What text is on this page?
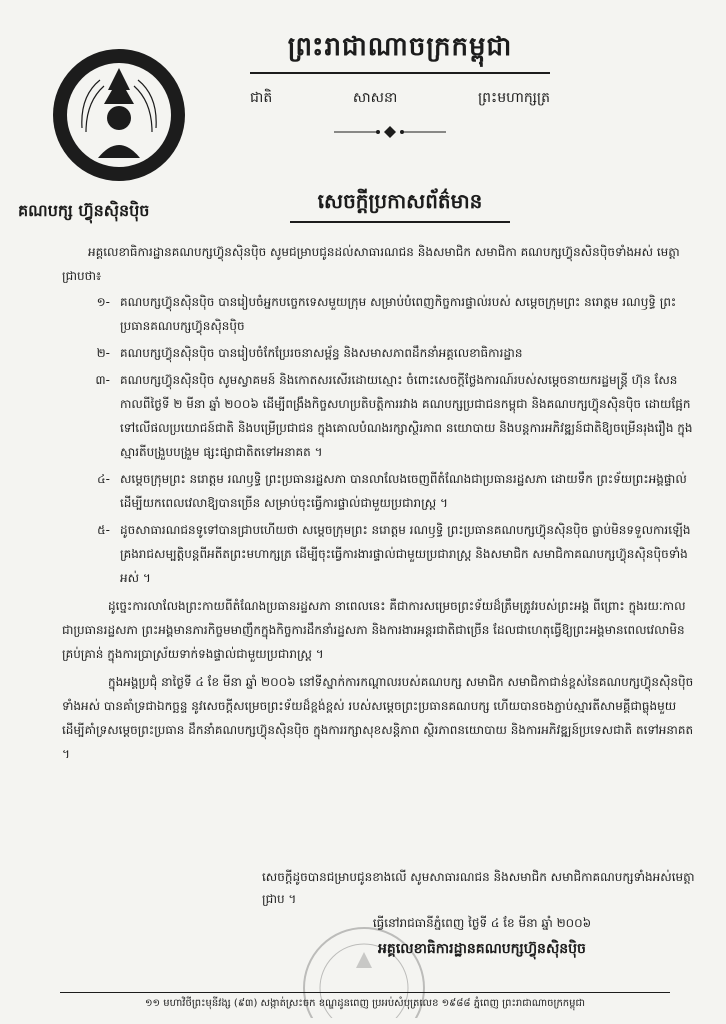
ព្រះរាជាណាចក្រកម្ពុជា
ជាតិ	សាសនា	ព្រះមហាក្សត្រ
គណបក្ស ហ៊្វុនស៊ិនប៉ិច	សេចក្តីប្រកាសព័ត៌មាន

អគ្គលេខាធិការដ្ឋានគណបក្សហ៊្វុនស៊ិនប៉ិច សូមជម្រាបជូនដល់សាធារណជន និងសមាជិក សមាជិកា គណបក្សហ៊្វុនសិនប៉ិចទាំងអស់ មេត្តាជ្រាបថា៖

១- គណបក្សហ៊្វុនស៊ិនប៉ិច បានរៀបចំអ្នកបច្ចេកទេសមួយក្រុម សម្រាប់បំពេញកិច្ចការផ្ទាល់របស់ សម្តេចក្រុមព្រះ នរោត្តម រណឫទ្ធិ ព្រះប្រធានគណបក្សហ៊្វុនស៊ិនប៉ិច
២- គណបក្សហ៊្វុនស៊ិនប៉ិច បានរៀបចំកែប្រែរចនាសម្ព័ន្ធ និងសមាសភាពដឹកនាំអគ្គលេខាធិការដ្ឋាន
៣- គណបក្សហ៊្វុនស៊ិនប៉ិច សូមស្វាគមន៍ និងកោតសរសើរដោយស្មោះ ចំពោះសេចក្តីថ្លែងការណ៍របស់សម្តេចនាយករដ្ឋមន្ត្រី ហ៊ុន សែន កាលពីថ្ងៃទី ២ មីនា ឆ្នាំ ២០០៦ ដើម្បីពង្រឹងកិច្ចសហប្រតិបត្តិការរវាង គណបក្សប្រជាជនកម្ពុជា និងគណបក្សហ៊្វុនស៊ិនប៉ិច ដោយផ្អែកទៅលើផលប្រយោជន៍ជាតិ និងបម្រើប្រជាជន ក្នុងគោលបំណងរក្សាស្ថិរភាព នយោបាយ និងបន្តការអភិវឌ្ឍន៍ជាតិឱ្យចម្រើនរុងរឿង ក្នុងស្មារតីបង្រួបបង្រួម ផ្សះផ្សាជាតិតទៅអនាគត ។
៤- សម្តេចក្រុមព្រះ នរោត្តម រណឫទ្ធិ ព្រះប្រធានរដ្ឋសភា បានលាលែងចេញពីតំណែងជាប្រធានរដ្ឋសភា ដោយទឹក ព្រះទ័យព្រះអង្គផ្ទាល់ ដើម្បីយកពេលវេលាឱ្យបានច្រើន សម្រាប់ចុះធ្វើការផ្ទាល់ជាមួយប្រជារាស្ត្រ ។
៥- ដូចសាធារណជនទូទៅបានជ្រាបហើយថា សម្តេចក្រុមព្រះ នរោត្តម រណឫទ្ធិ ព្រះប្រធានគណបក្សហ៊្វុនស៊ិនប៉ិច ធ្លាប់មិនទទួលការឡើងគ្រងរាជសម្បត្តិបន្តពីអតីតព្រះមហាក្សត្រ ដើម្បីចុះធ្វើការងារផ្ទាល់ជាមួយប្រជារាស្ត្រ និងសមាជិក សមាជិកាគណបក្សហ៊្វុនស៊ិនប៉ិចទាំងអស់ ។

ដូច្នេះការលាលែងព្រះកាយពីតំណែងប្រធានរដ្ឋសភា នាពេលនេះ គឺជាការសម្រេចព្រះទ័យដ៏ត្រឹមត្រូវរបស់ព្រះអង្គ ពីព្រោះ ក្នុងរយៈកាលជាប្រធានរដ្ឋសភា ព្រះអង្គមានភារកិច្ចមមាញឹកក្នុងកិច្ចការដឹកនាំរដ្ឋសភា និងការងារអន្តរជាតិជាច្រើន ដែលជាហេតុធ្វើឱ្យព្រះអង្គមានពេលវេលាមិនគ្រប់គ្រាន់ ក្នុងការប្រាស្រ័យទាក់ទងផ្ទាល់ជាមួយប្រជារាស្ត្រ ។

ក្នុងអង្គប្រជុំ នាថ្ងៃទី ៤ ខែ មីនា ឆ្នាំ ២០០៦ នៅទីស្នាក់ការកណ្តាលរបស់គណបក្ស សមាជិក សមាជិកាជាន់ខ្ពស់នៃគណបក្សហ៊្វុនស៊ិនប៉ិចទាំងអស់ បានគាំទ្រជាឯកច្ឆន្ទ នូវសេចក្តីសម្រេចព្រះទ័យដ៏ខ្ពង់ខ្ពស់ របស់សម្តេចព្រះប្រធានគណបក្ស ហើយបានចងភ្ជាប់ស្មារតីសាមគ្គីជាធ្លុងមួយ ដើម្បីគាំទ្រសម្តេចព្រះប្រធាន ដឹកនាំគណបក្សហ៊្វុនស៊ិនប៉ិច ក្នុងការរក្សាសុខសន្តិភាព ស្ថិរភាពនយោបាយ និងការអភិវឌ្ឍន៍ប្រទេសជាតិ តទៅអនាគត ។

សេចក្តីដូចបានជម្រាបជូនខាងលើ សូមសាធារណជន និងសមាជិក សមាជិកាគណបក្សទាំងអស់មេត្តាជ្រាប ។
ធ្វើនៅរាជធានីភ្នំពេញ ថ្ងៃទី ៤ ខែ មីនា ឆ្នាំ ២០០៦
អគ្គលេខាធិការដ្ឋានគណបក្សហ៊្វុនស៊ិនប៉ិច
១១ មហាវិថីព្រះមុនីវង្ស (៩៣) សង្កាត់ស្រះចក ខណ្ឌដូនពេញ ប្រអប់សំបុត្រលេខ ១៩៨៨ ភ្នំពេញ ព្រះរាជាណាចក្រកម្ពុជា
